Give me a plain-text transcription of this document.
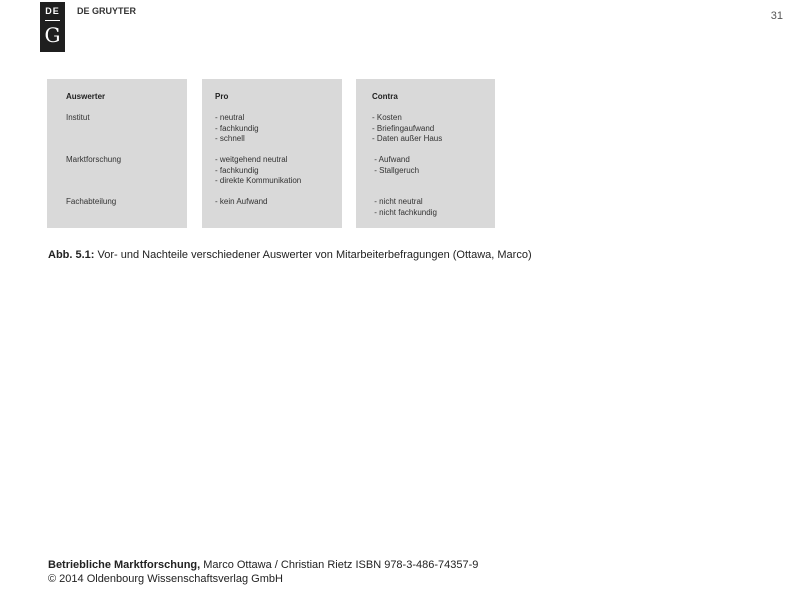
DE
G
DE GRUYTER	31
Auswerter
Institut
Marktforschung
Fachabteilung
Pro
- neutral
- fachkundig
- schnell
- weitgehend neutral
- fachkundig
- direkte Kommunikation
- kein Aufwand
Contra
- Kosten
- Briefingaufwand
- Daten außer Haus
- Aufwand
- Stallgeruch
- nicht neutral
- nicht fachkundig
Abb. 5.1: Vor- und Nachteile verschiedener Auswerter von Mitarbeiterbefragungen (Ottawa, Marco)
Betriebliche Marktforschung, Marco Ottawa / Christian Rietz ISBN 978-3-486-74357-9
© 2014 Oldenbourg Wissenschaftsverlag GmbH
